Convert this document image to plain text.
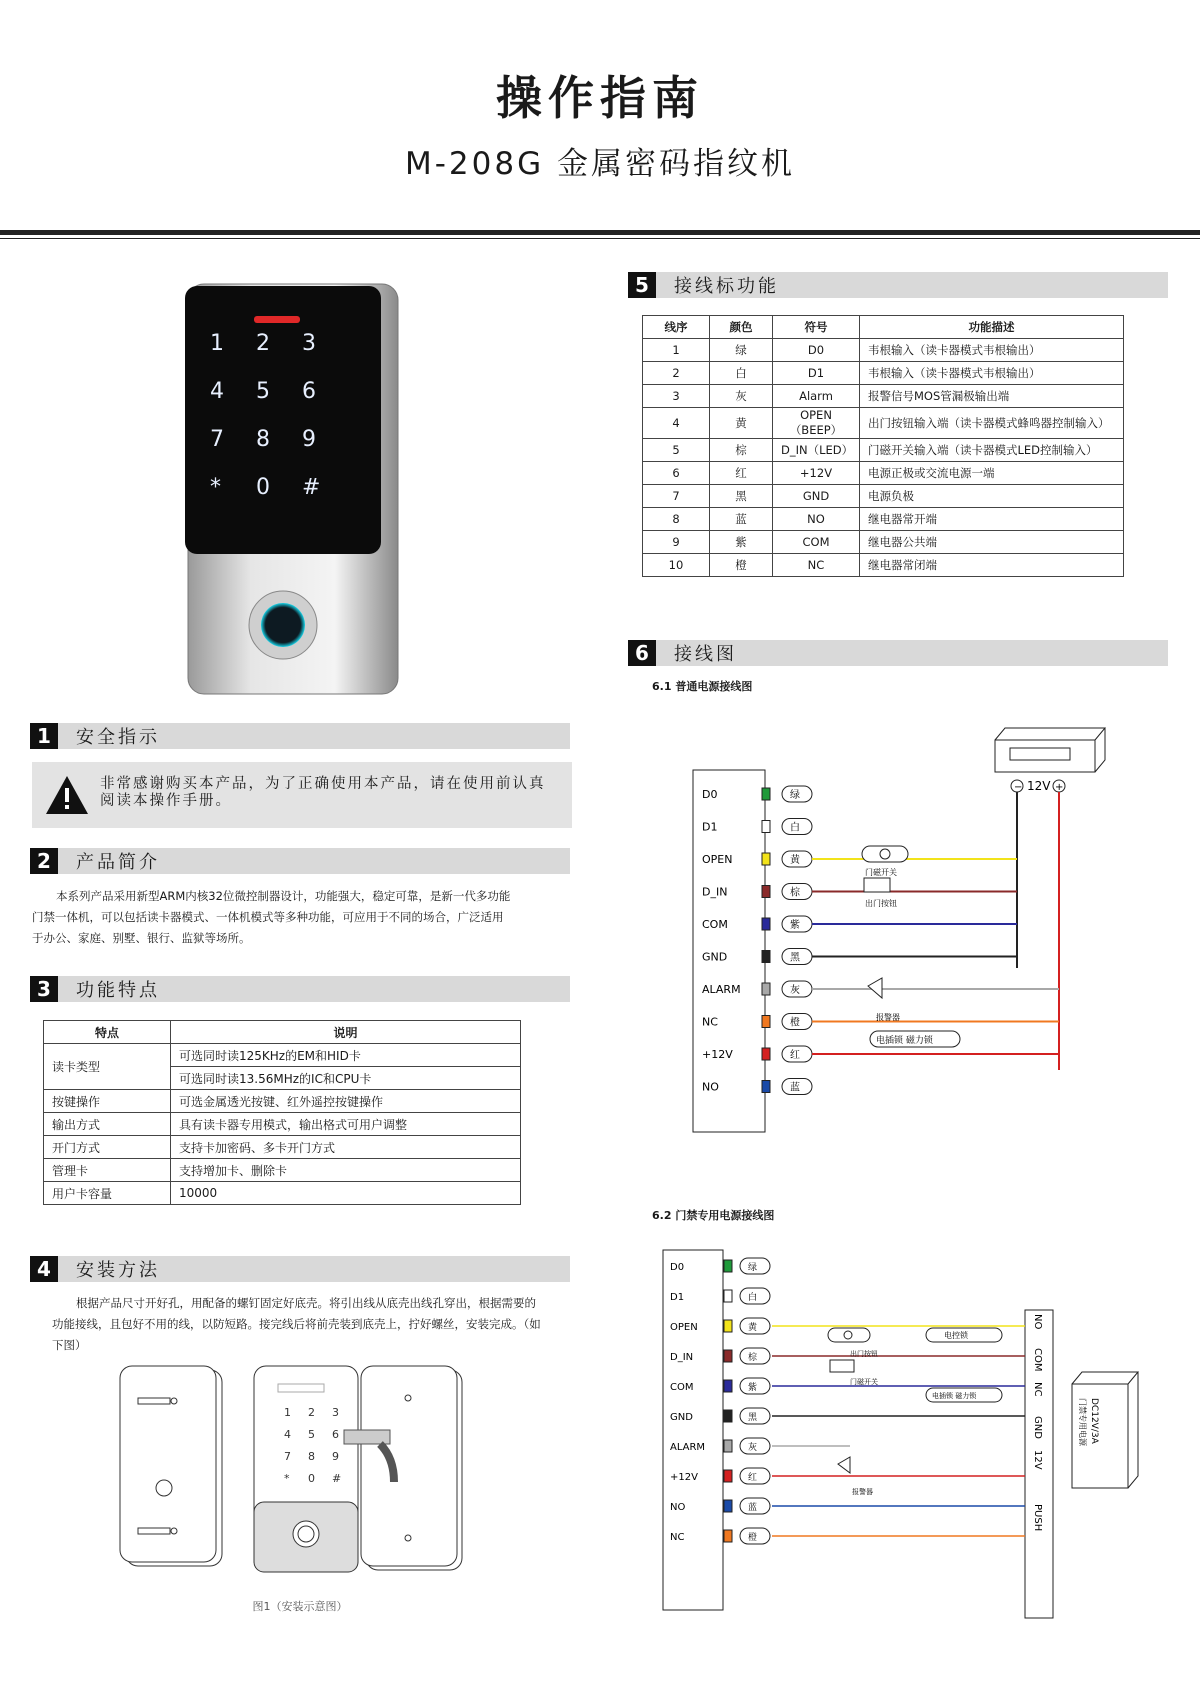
操作指南
M-208G 金属密码指纹机
1 2 3
4 5 6
7 8 9
* 0 #
1	安全指示
非常感谢购买本产品，为了正确使用本产品，请在使用前认真阅读本操作手册。
2	产品简介
本系列产品采用新型ARM内核32位微控制器设计，功能强大，稳定可靠，是新一代多功能门禁一体机，可以包括读卡器模式、一体机模式等多种功能，可应用于不同的场合，广泛适用于办公、家庭、别墅、银行、监狱等场所。
3	功能特点
特点	说明
读卡类型	可选同时读125KHz的EM和HID卡
	可选同时读13.56MHz的IC和CPU卡
按键操作	可选金属透光按键、红外遥控按键操作
输出方式	具有读卡器专用模式，输出格式可用户调整
开门方式	支持卡加密码、多卡开门方式
管理卡	支持增加卡、删除卡
用户卡容量	10000
4	安装方法
根据产品尺寸开好孔，用配备的螺钉固定好底壳。将引出线从底壳出线孔穿出，根据需要的功能接线，且包好不用的线，以防短路。接完线后将前壳装到底壳上，拧好螺丝，安装完成。（如下图）
1 2 3
4 5 6
7 8 9
* 0 #
图1（安装示意图）
5	接线标功能
线序	颜色	符号	功能描述
1	绿	D0	韦根输入（读卡器模式韦根输出）
2	白	D1	韦根输入（读卡器模式韦根输出）
3	灰	Alarm	报警信号MOS管漏极输出端
4	黄	OPEN（BEEP）	出门按钮输入端（读卡器模式蜂鸣器控制输入）
5	棕	D_IN（LED）	门磁开关输入端（读卡器模式LED控制输入）
6	红	+12V	电源正极或交流电源一端
7	黑	GND	电源负极
8	蓝	NO	继电器常开端
9	紫	COM	继电器公共端
10	橙	NC	继电器常闭端
6	接线图
6.1 普通电源接线图
6.2 门禁专用电源接线图
D0	绿
D1	白
OPEN	黄
D_IN	棕
COM	紫
GND	黑
ALARM	灰
NC	橙
+12V	红
NO	蓝
− 12V +
门磁开关
出门按钮
报警器
电插锁 磁力锁
D0	绿
D1	白
OPEN	黄
D_IN	棕
COM	紫
GND	黑
ALARM	灰
+12V	红
NO	蓝
NC	橙
NO
COM
NC
GND
12V
PUSH
DC12V/3A
门禁专用电源
出门按钮
门磁开关
报警器
电控锁
电插锁 磁力锁
